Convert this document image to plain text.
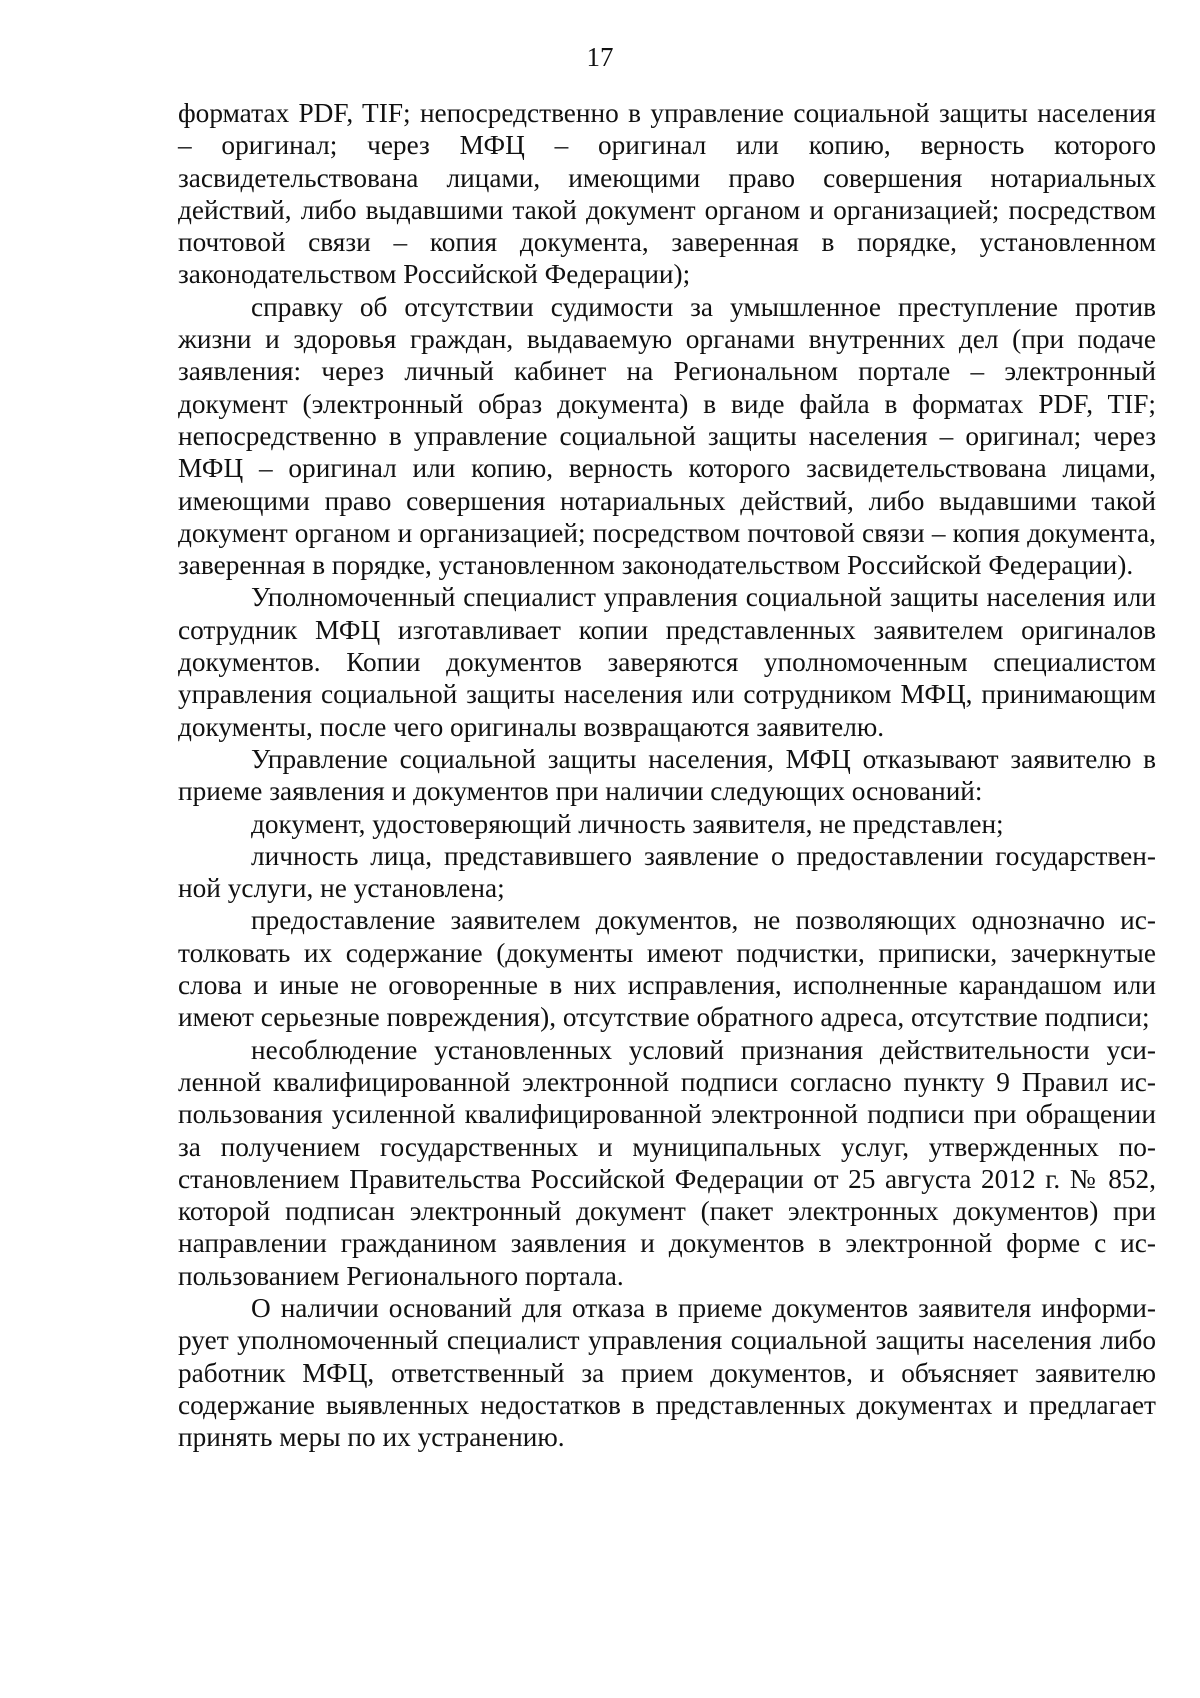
17

форматах PDF, TIF; непосредственно в управление социальной защиты населения – оригинал; через МФЦ – оригинал или копию, верность которого засвидетельствована лицами, имеющими право совершения нотариальных действий, либо выдавшими такой документ органом и организацией; посредством почтовой связи – копия документа, заверенная в порядке, установленном законодательством Российской Федерации);

справку об отсутствии судимости за умышленное преступление против жизни и здоровья граждан, выдаваемую органами внутренних дел (при подаче заявления: через личный кабинет на Региональном портале – электронный документ (электронный образ документа) в виде файла в форматах PDF, TIF; непосредственно в управление социальной защиты населения – оригинал; через МФЦ – оригинал или копию, верность которого засвидетельствована лицами, имеющими право совершения нотариальных действий, либо выдавшими такой документ органом и организацией; посредством почтовой связи – копия документа, заверенная в порядке, установленном законодательством Российской Федерации).

Уполномоченный специалист управления социальной защиты населения или сотрудник МФЦ изготавливает копии представленных заявителем оригиналов документов. Копии документов заверяются уполномоченным специалистом управления социальной защиты населения или сотрудником МФЦ, принимающим документы, после чего оригиналы возвращаются заявителю.

Управление социальной защиты населения, МФЦ отказывают заявителю в приеме заявления и документов при наличии следующих оснований:

документ, удостоверяющий личность заявителя, не представлен;

личность лица, представившего заявление о предоставлении государственной услуги, не установлена;

предоставление заявителем документов, не позволяющих однозначно истолковать их содержание (документы имеют подчистки, приписки, зачеркнутые слова и иные не оговоренные в них исправления, исполненные карандашом или имеют серьезные повреждения), отсутствие обратного адреса, отсутствие подписи;

несоблюдение установленных условий признания действительности усиленной квалифицированной электронной подписи согласно пункту 9 Правил использования усиленной квалифицированной электронной подписи при обращении за получением государственных и муниципальных услуг, утвержденных постановлением Правительства Российской Федерации от 25 августа 2012 г. № 852, которой подписан электронный документ (пакет электронных документов) при направлении гражданином заявления и документов в электронной форме с использованием Регионального портала.

О наличии оснований для отказа в приеме документов заявителя информирует уполномоченный специалист управления социальной защиты населения либо работник МФЦ, ответственный за прием документов, и объясняет заявителю содержание выявленных недостатков в представленных документах и предлагает принять меры по их устранению.
